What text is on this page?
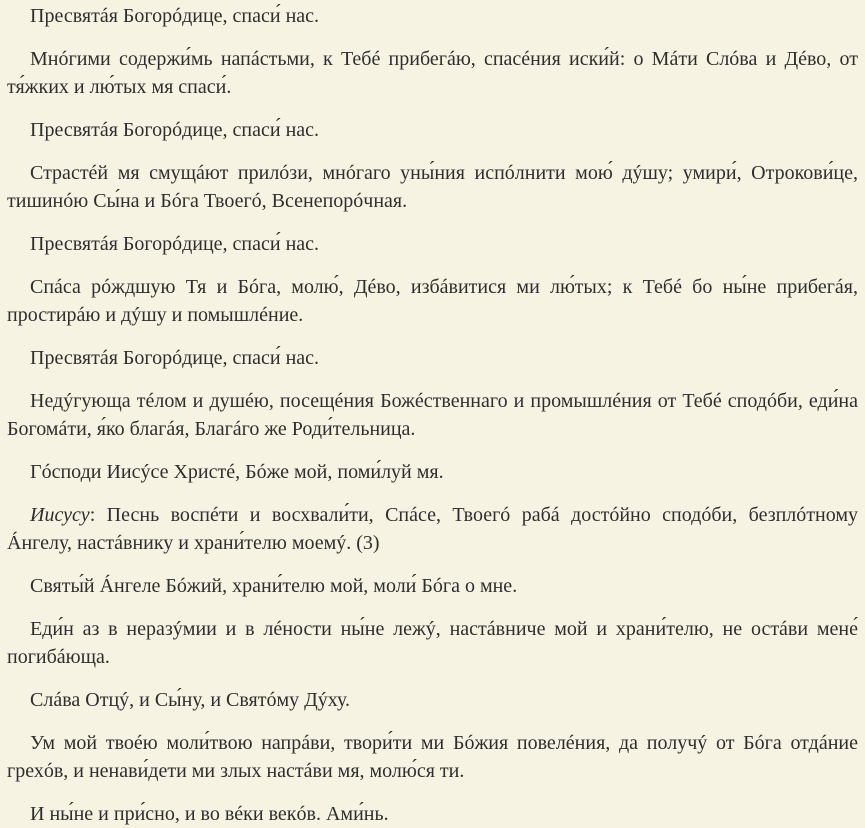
Пресвятáя Богорóдице, спаси́ нас.

Мнóгими содержи́мь напáстьми, к Тебé прибегáю, спасéния иски́й: о Мáти Слóва и Дéво, от тя́жких и лю́тых мя спаси́.

Пресвятáя Богорóдице, спаси́ нас.

Страстéй мя смущáют прилóзи, мнóгаго уны́ния испóлнити мою́ дýшу; умири́, Отрокови́це, тишинóю Сы́на и Бóга Твоегó, Всенепорóчная.

Пресвятáя Богорóдице, спаси́ нас.

Спáса рóждшую Тя и Бóга, молю́, Дéво, избáвитися ми лю́тых; к Тебé бо ны́не прибегáя, простирáю и дýшу и помышлéние.

Пресвятáя Богорóдице, спаси́ нас.

Недýгующа тéлом и душéю, посещéния Божéственнаго и промышлéния от Тебé сподóби, еди́на Богомáти, я́ко благáя, Благáго же Роди́тельница.

Гóсподи Иисýсе Христé, Бóже мой, поми́луй мя.

Иисусу: Песнь воспéти и восхвали́ти, Спáсе, Твоегó рабá достóйно сподóби, безплóтному Áнгелу, настáвнику и храни́телю моемý. (3)

Святы́й Áнгеле Бóжий, храни́телю мой, моли́ Бóга о мне.

Еди́н аз в неразýмии и в лéности ны́не лежý, настáвниче мой и храни́телю, не остáви мене́ погибáюща.

Слáва Отцý, и Сы́ну, и Святóму Дýху.

Ум мой твоéю моли́твою напрáви, твори́ти ми Бóжия повелéния, да получý от Бóга отдáние грехóв, и ненави́дети ми злых настáви мя, молю́ся ти.

И ны́не и при́сно, и во вéки векóв. Ами́нь.
